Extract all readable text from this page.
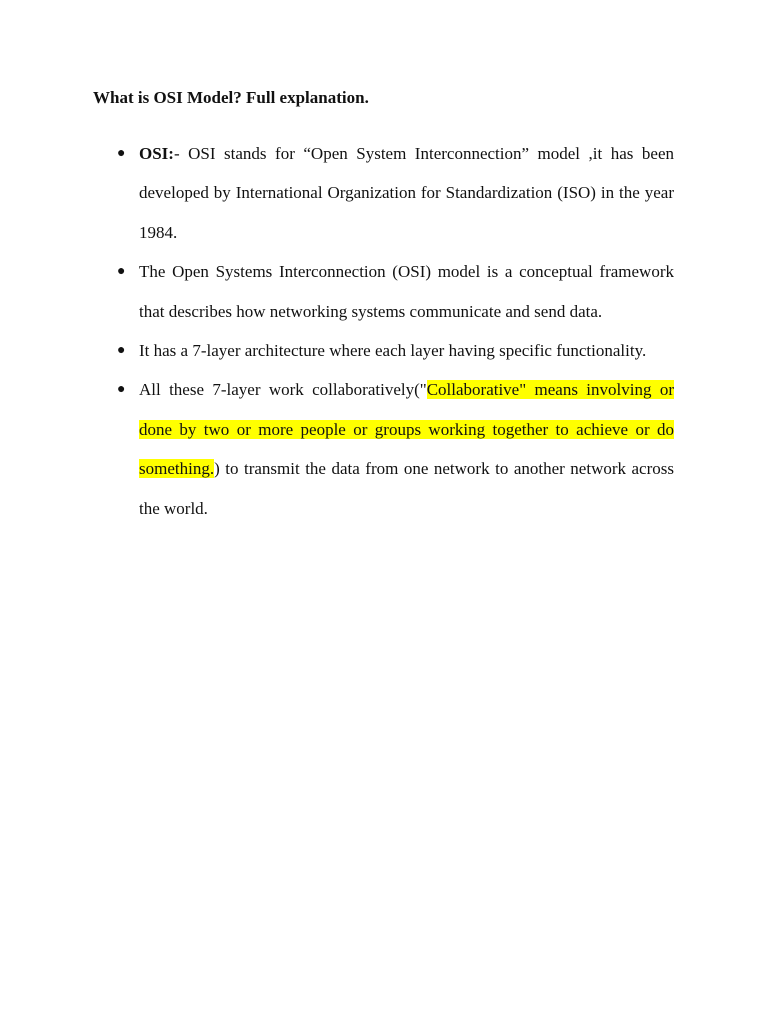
What is OSI Model? Full explanation.
● OSI:- OSI stands for “Open System Interconnection” model ,it has been developed by International Organization for Standardization (ISO) in the year 1984.
● The Open Systems Interconnection (OSI) model is a conceptual framework that describes how networking systems communicate and send data.
● It has a 7-layer architecture where each layer having specific functionality.
● All these 7-layer work collaboratively("Collaborative" means involving or done by two or more people or groups working together to achieve or do something.) to transmit the data from one network to another network across the world.
